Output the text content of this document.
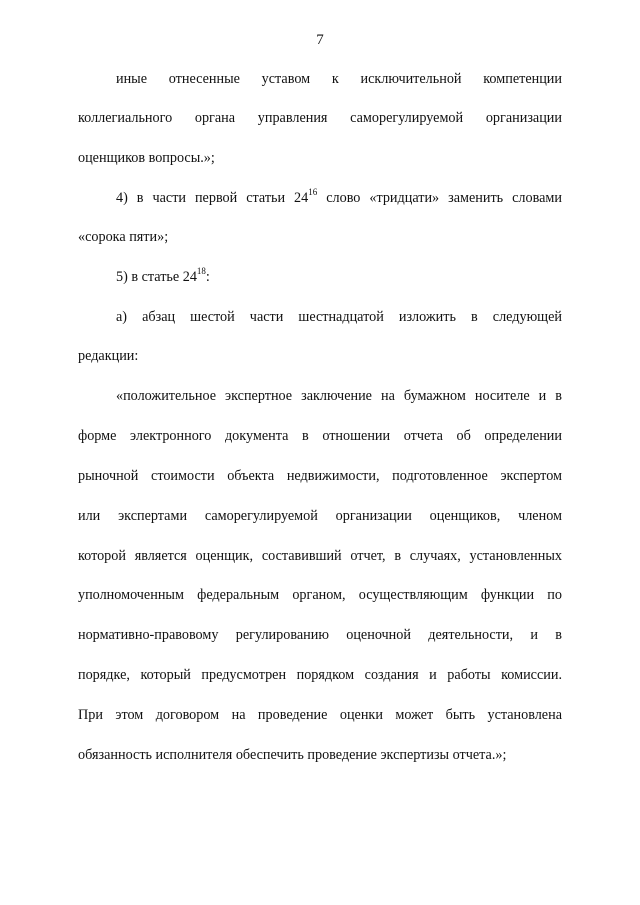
7
иные отнесенные уставом к исключительной компетенции
коллегиального органа управления саморегулируемой организации
оценщиков вопросы.»;
4) в части первой статьи $24^{16}$ слово «тридцати» заменить словами
«сорока пяти»;
5) в статье $24^{18}$:
а) абзац шестой части шестнадцатой изложить в следующей
редакции:
«положительное экспертное заключение на бумажном носителе и в
форме электронного документа в отношении отчета об определении
рыночной стоимости объекта недвижимости, подготовленное экспертом
или экспертами саморегулируемой организации оценщиков, членом
которой является оценщик, составивший отчет, в случаях, установленных
уполномоченным федеральным органом, осуществляющим функции по
нормативно-правовому регулированию оценочной деятельности, и в
порядке, который предусмотрен порядком создания и работы комиссии.
При этом договором на проведение оценки может быть установлена
обязанность исполнителя обеспечить проведение экспертизы отчета.»;
